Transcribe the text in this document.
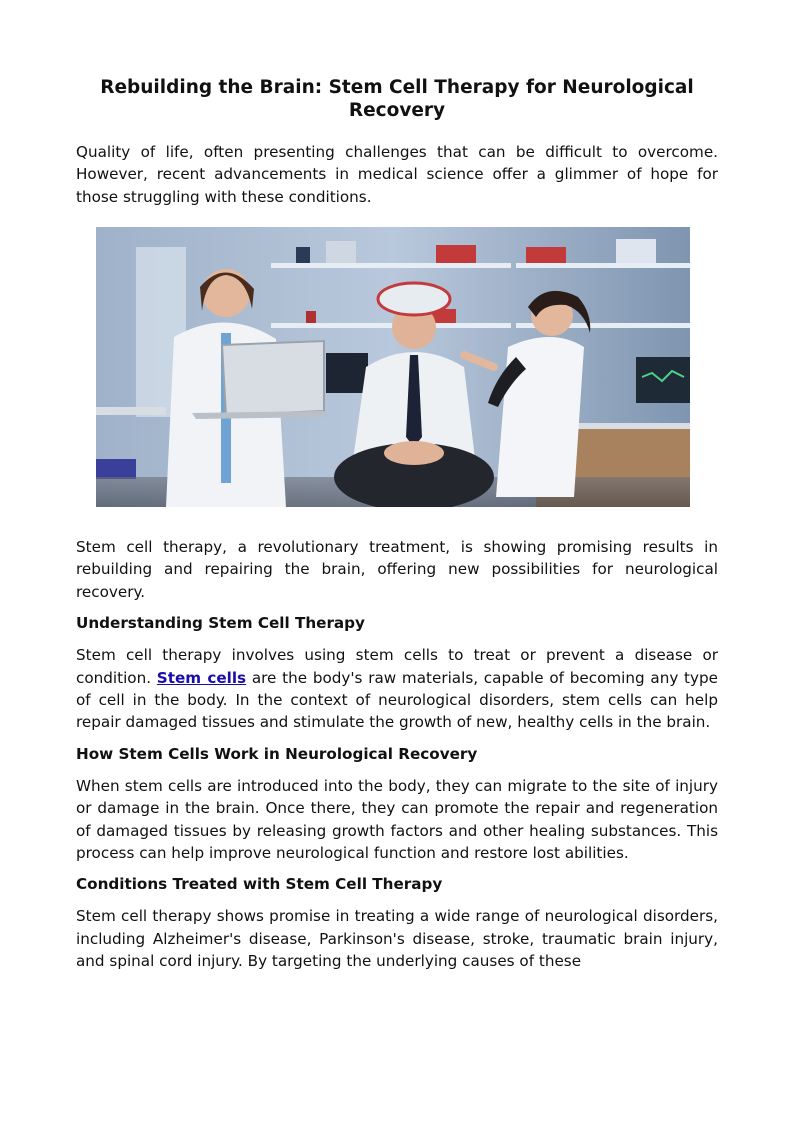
Rebuilding the Brain: Stem Cell Therapy for Neurological Recovery

Quality of life, often presenting challenges that can be difficult to overcome. However, recent advancements in medical science offer a glimmer of hope for those struggling with these conditions.

Stem cell therapy, a revolutionary treatment, is showing promising results in rebuilding and repairing the brain, offering new possibilities for neurological recovery.

Understanding Stem Cell Therapy

Stem cell therapy involves using stem cells to treat or prevent a disease or condition. Stem cells are the body's raw materials, capable of becoming any type of cell in the body. In the context of neurological disorders, stem cells can help repair damaged tissues and stimulate the growth of new, healthy cells in the brain.

How Stem Cells Work in Neurological Recovery

When stem cells are introduced into the body, they can migrate to the site of injury or damage in the brain. Once there, they can promote the repair and regeneration of damaged tissues by releasing growth factors and other healing substances. This process can help improve neurological function and restore lost abilities.

Conditions Treated with Stem Cell Therapy

Stem cell therapy shows promise in treating a wide range of neurological disorders, including Alzheimer's disease, Parkinson's disease, stroke, traumatic brain injury, and spinal cord injury. By targeting the underlying causes of these
